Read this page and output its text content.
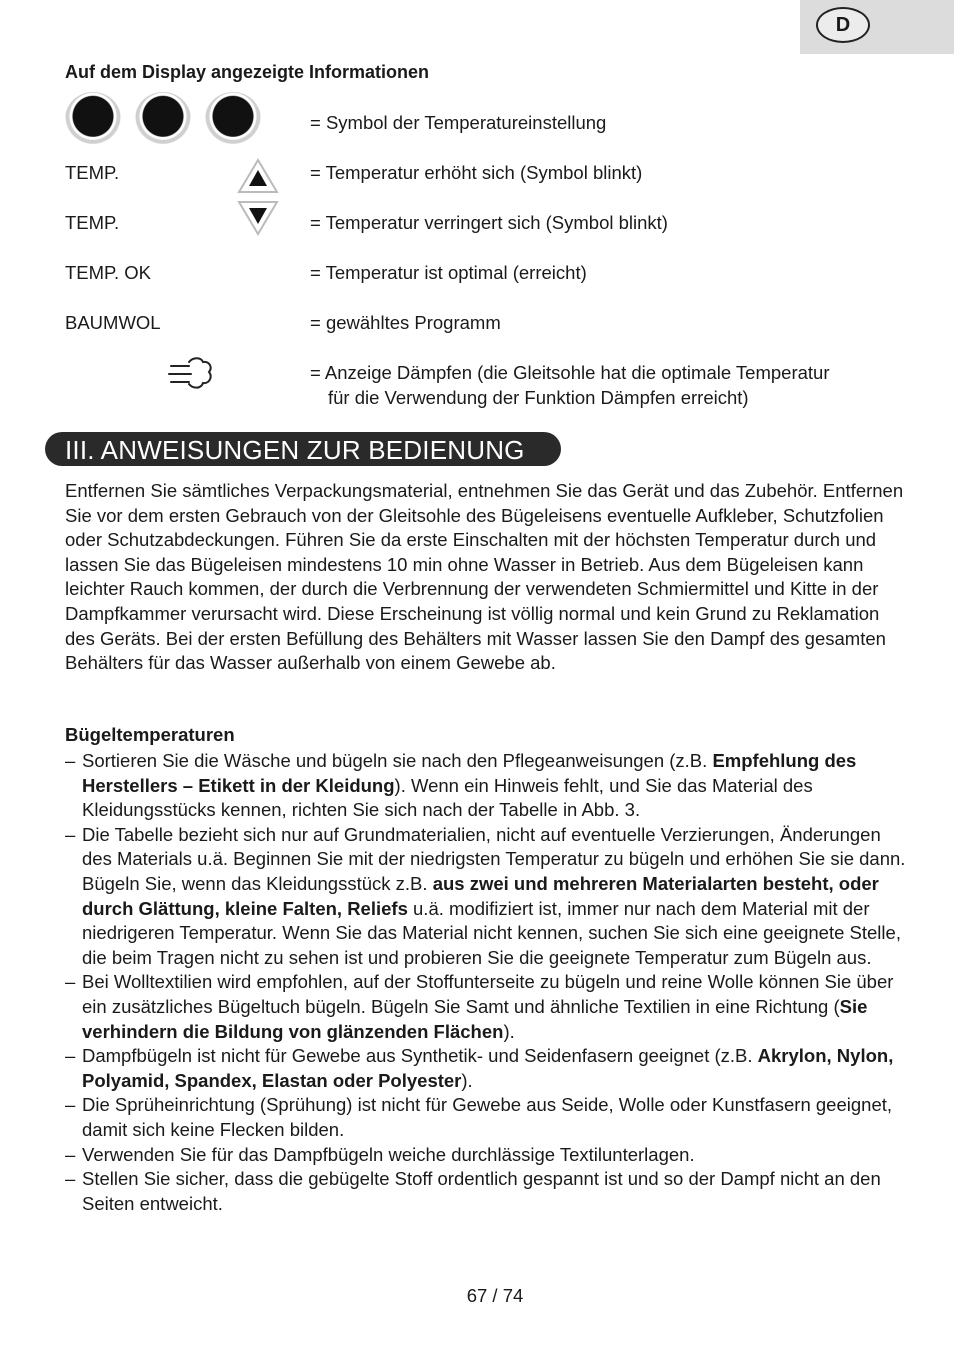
D
Auf dem Display angezeigte Informationen
= Symbol der Temperatureinstellung
TEMP.	= Temperatur erhöht sich (Symbol blinkt)
TEMP.	= Temperatur verringert sich (Symbol blinkt)
TEMP. OK	= Temperatur ist optimal (erreicht)
BAUMWOL	= gewähltes Programm
= Anzeige Dämpfen (die Gleitsohle hat die optimale Temperatur
für die Verwendung der Funktion Dämpfen erreicht)
III. ANWEISUNGEN ZUR BEDIENUNG

Entfernen Sie sämtliches Verpackungsmaterial, entnehmen Sie das Gerät und das Zubehör. Entfernen Sie vor dem ersten Gebrauch von der Gleitsohle des Bügeleisens eventuelle Aufkleber, Schutzfolien oder Schutzabdeckungen. Führen Sie da erste Einschalten mit der höchsten Temperatur durch und lassen Sie das Bügeleisen mindestens 10 min ohne Wasser in Betrieb. Aus dem Bügeleisen kann leichter Rauch kommen, der durch die Verbrennung der verwendeten Schmiermittel und Kitte in der Dampfkammer verursacht wird. Diese Erscheinung ist völlig normal und kein Grund zu Reklamation des Geräts. Bei der ersten Befüllung des Behälters mit Wasser lassen Sie den Dampf des gesamten Behälters für das Wasser außerhalb von einem Gewebe ab.

Bügeltemperaturen
– Sortieren Sie die Wäsche und bügeln sie nach den Pflegeanweisungen (z.B. Empfehlung des Herstellers – Etikett in der Kleidung). Wenn ein Hinweis fehlt, und Sie das Material des Kleidungsstücks kennen, richten Sie sich nach der Tabelle in Abb. 3.
– Die Tabelle bezieht sich nur auf Grundmaterialien, nicht auf eventuelle Verzierungen, Änderungen des Materials u.ä. Beginnen Sie mit der niedrigsten Temperatur zu bügeln und erhöhen Sie sie dann. Bügeln Sie, wenn das Kleidungsstück z.B. aus zwei und mehreren Materialarten besteht, oder durch Glättung, kleine Falten, Reliefs u.ä. modifiziert ist, immer nur nach dem Material mit der niedrigeren Temperatur. Wenn Sie das Material nicht kennen, suchen Sie sich eine geeignete Stelle, die beim Tragen nicht zu sehen ist und probieren Sie die geeignete Temperatur zum Bügeln aus.
– Bei Wolltextilien wird empfohlen, auf der Stoffunterseite zu bügeln und reine Wolle können Sie über ein zusätzliches Bügeltuch bügeln. Bügeln Sie Samt und ähnliche Textilien in eine Richtung (Sie verhindern die Bildung von glänzenden Flächen).
– Dampfbügeln ist nicht für Gewebe aus Synthetik- und Seidenfasern geeignet (z.B. Akrylon, Nylon, Polyamid, Spandex, Elastan oder Polyester).
– Die Sprüheinrichtung (Sprühung) ist nicht für Gewebe aus Seide, Wolle oder Kunstfasern geeignet, damit sich keine Flecken bilden.
– Verwenden Sie für das Dampfbügeln weiche durchlässige Textilunterlagen.
– Stellen Sie sicher, dass die gebügelte Stoff ordentlich gespannt ist und so der Dampf nicht an den Seiten entweicht.
67 / 74
